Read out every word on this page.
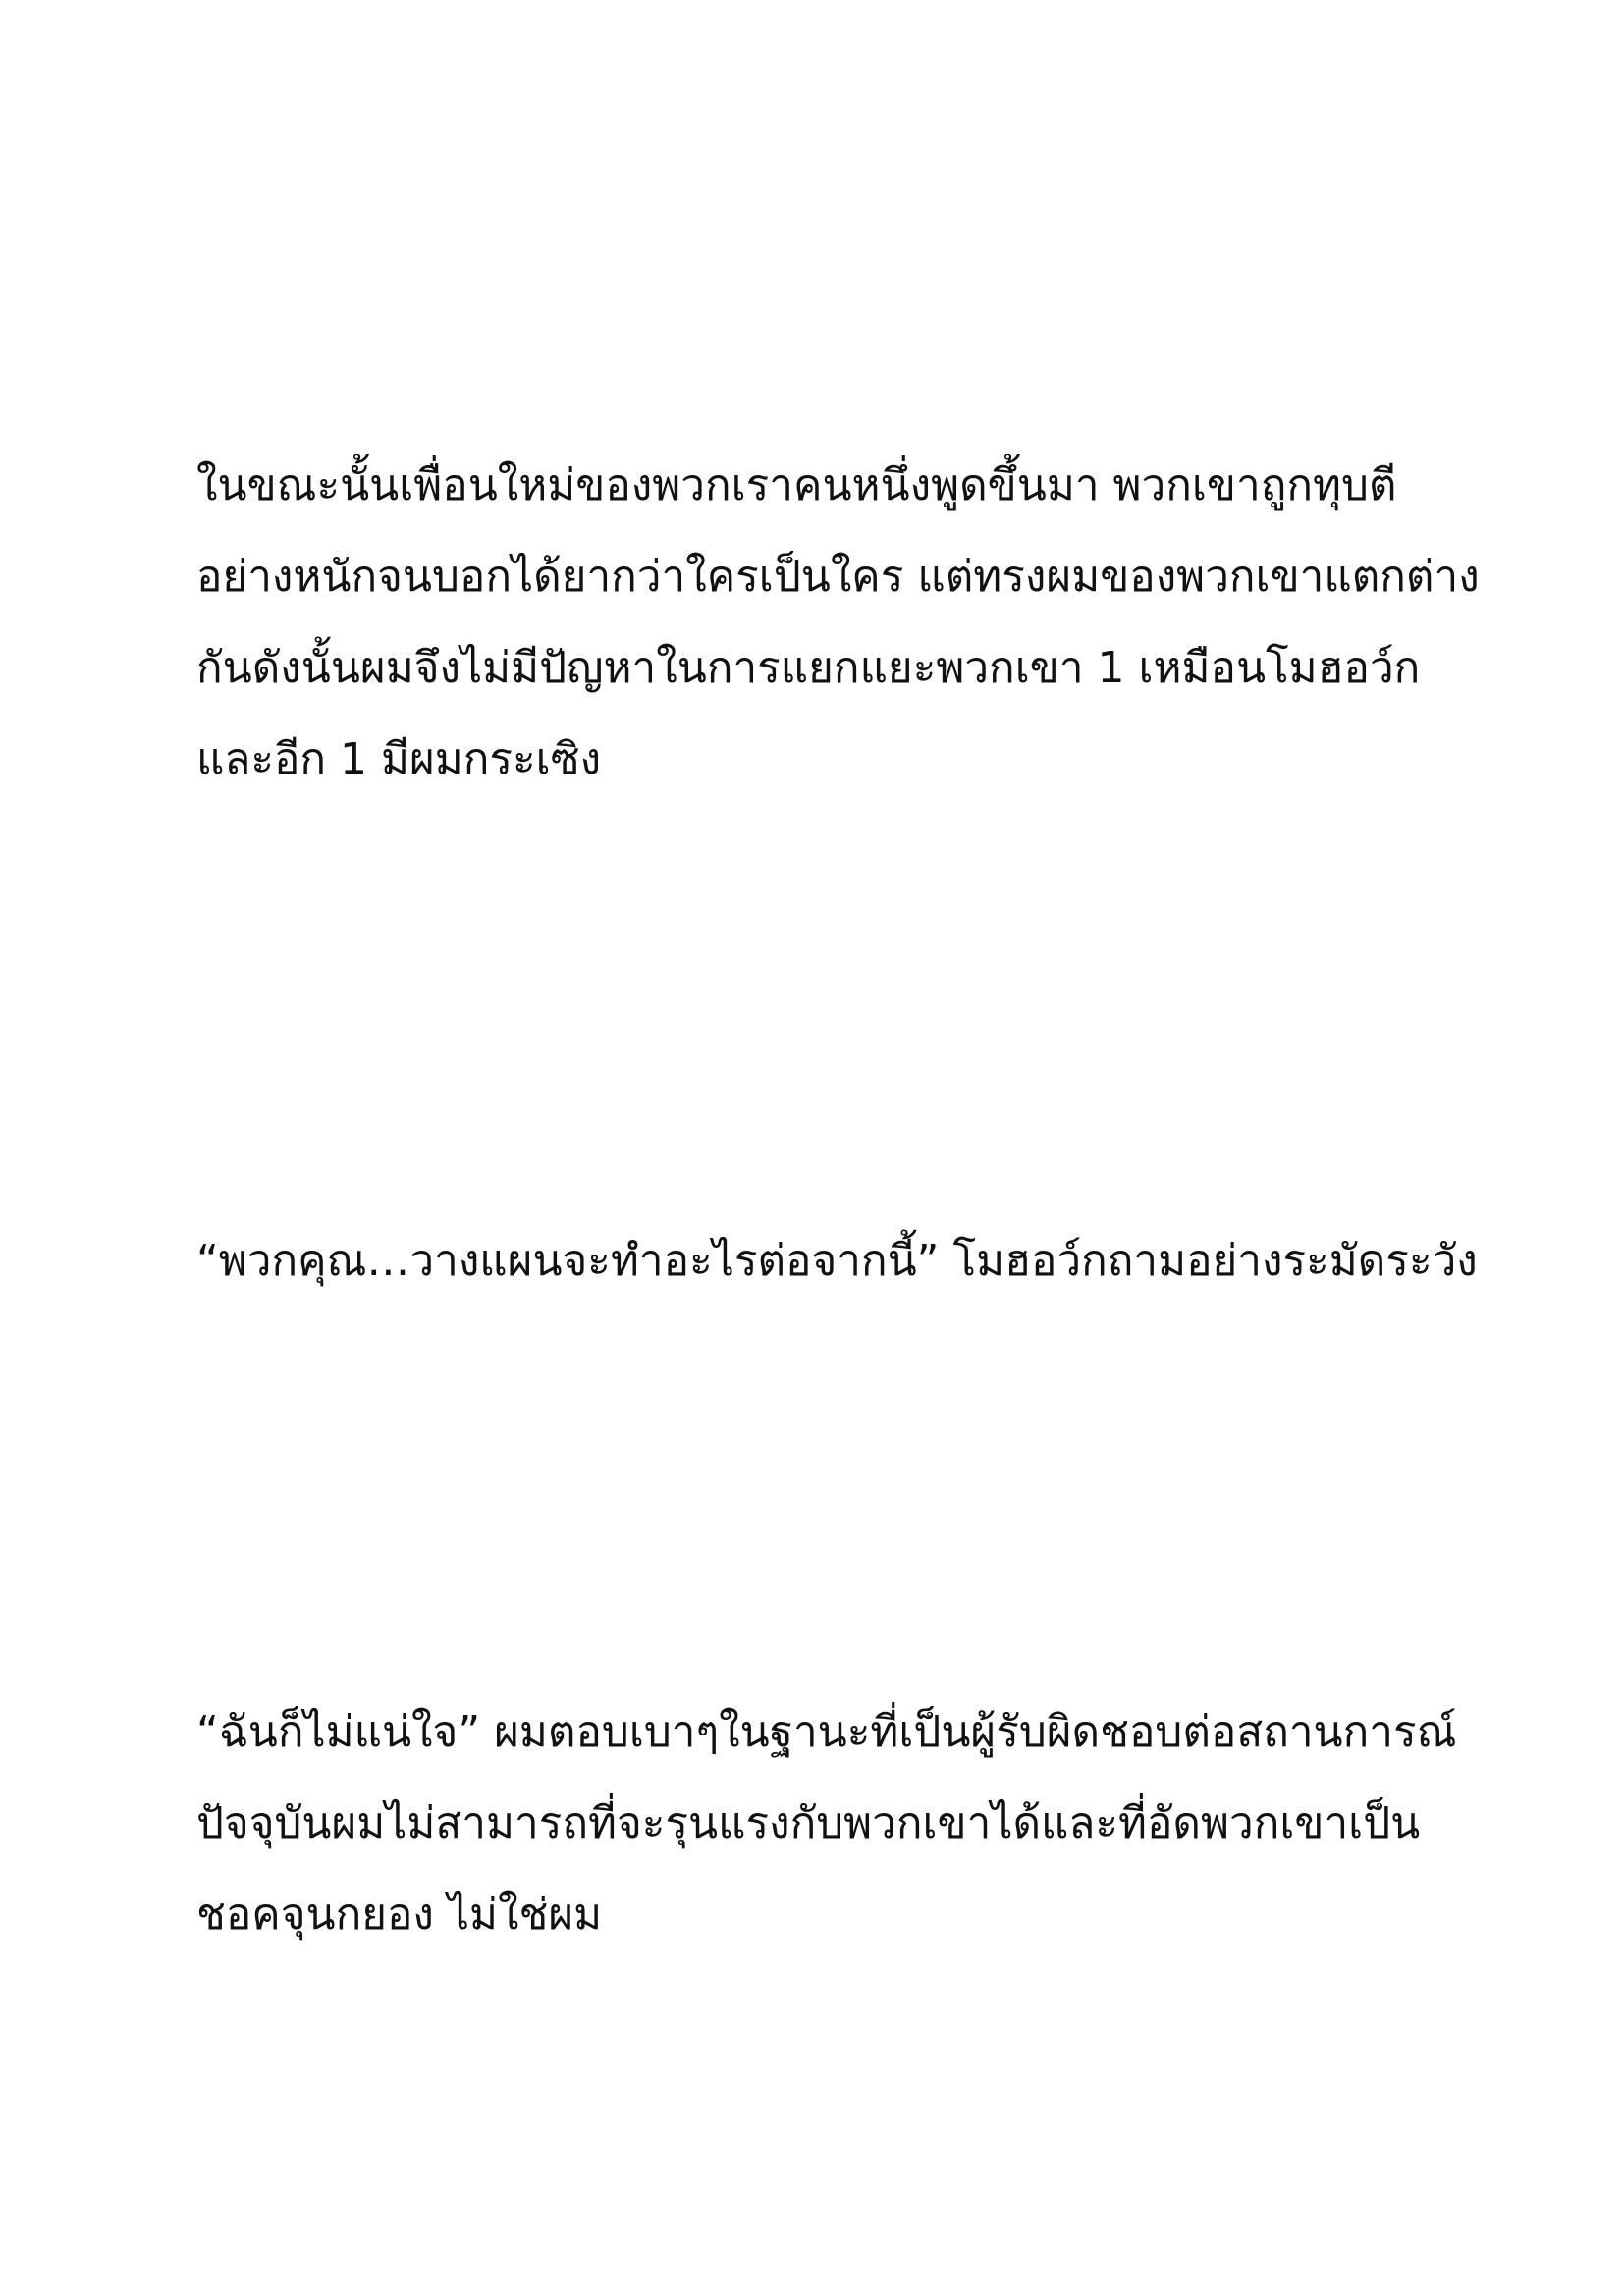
ในขณะนั้นเพื่อนใหม่ของพวกเราคนหนึ่งพูดขึ้นมา พวกเขาถูกทุบตี
อย่างหนักจนบอกได้ยากว่าใครเป็นใคร แต่ทรงผมของพวกเขาแตกต่าง
กันดังนั้นผมจึงไม่มีปัญหาในการแยกแยะพวกเขา 1 เหมือนโมฮอว์ก
และอีก 1 มีผมกระเซิง

“พวกคุณ…วางแผนจะทำอะไรต่อจากนี้” โมฮอว์กถามอย่างระมัดระวัง

“ฉันก็ไม่แน่ใจ” ผมตอบเบาๆในฐานะที่เป็นผู้รับผิดชอบต่อสถานการณ์
ปัจจุบันผมไม่สามารถที่จะรุนแรงกับพวกเขาได้และที่อัดพวกเขาเป็น
ชอคจุนกยอง ไม่ใช่ผม
